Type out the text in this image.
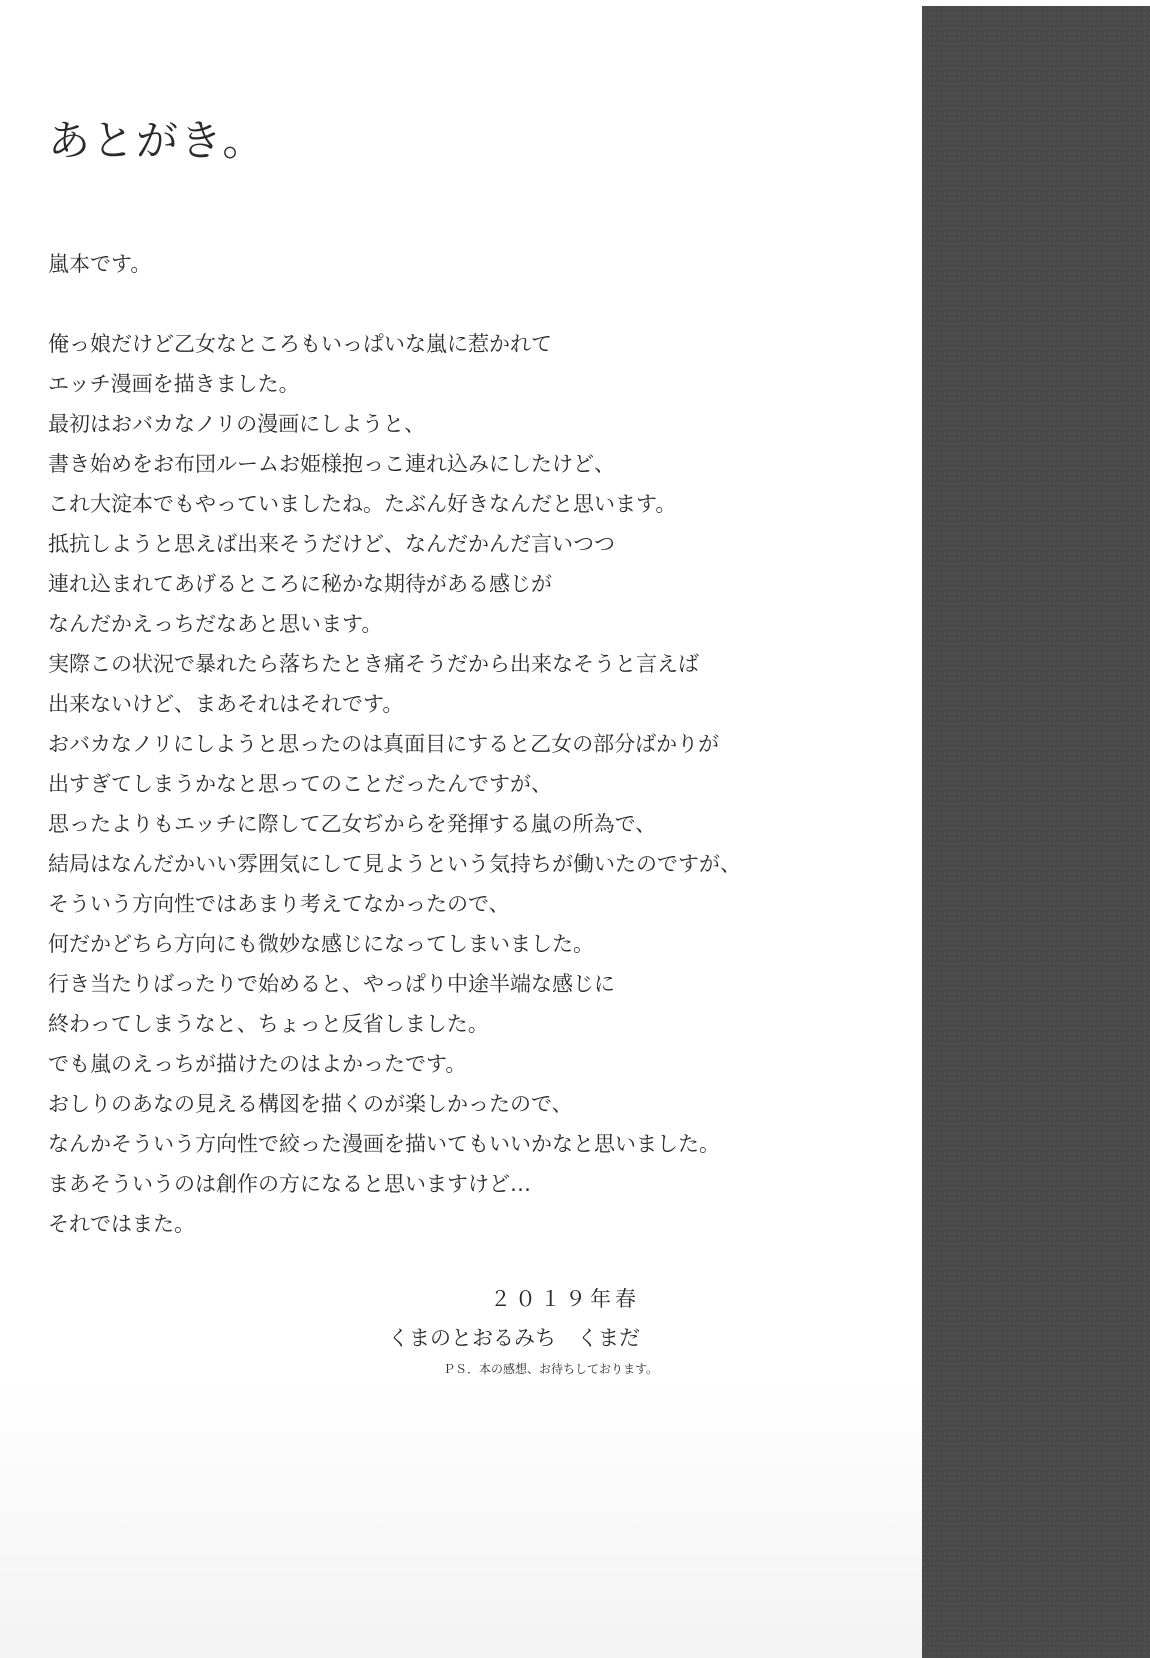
あとがき。
嵐本です。
俺っ娘だけど乙女なところもいっぱいな嵐に惹かれて
エッチ漫画を描きました。
最初はおバカなノリの漫画にしようと、
書き始めをお布団ルームお姫様抱っこ連れ込みにしたけど、
これ大淀本でもやっていましたね。たぶん好きなんだと思います。
抵抗しようと思えば出来そうだけど、なんだかんだ言いつつ
連れ込まれてあげるところに秘かな期待がある感じが
なんだかえっちだなあと思います。
実際この状況で暴れたら落ちたとき痛そうだから出来なそうと言えば
出来ないけど、まあそれはそれです。
おバカなノリにしようと思ったのは真面目にすると乙女の部分ばかりが
出すぎてしまうかなと思ってのことだったんですが、
思ったよりもエッチに際して乙女ぢからを発揮する嵐の所為で、
結局はなんだかいい雰囲気にして見ようという気持ちが働いたのですが、
そういう方向性ではあまり考えてなかったので、
何だかどちら方向にも微妙な感じになってしまいました。
行き当たりばったりで始めると、やっぱり中途半端な感じに
終わってしまうなと、ちょっと反省しました。
でも嵐のえっちが描けたのはよかったです。
おしりのあなの見える構図を描くのが楽しかったので、
なんかそういう方向性で絞った漫画を描いてもいいかなと思いました。
まあそういうのは創作の方になると思いますけど…
それではまた。
２０１９年春
くまのとおるみち　くまだ
ＰＳ．本の感想、お待ちしております。
